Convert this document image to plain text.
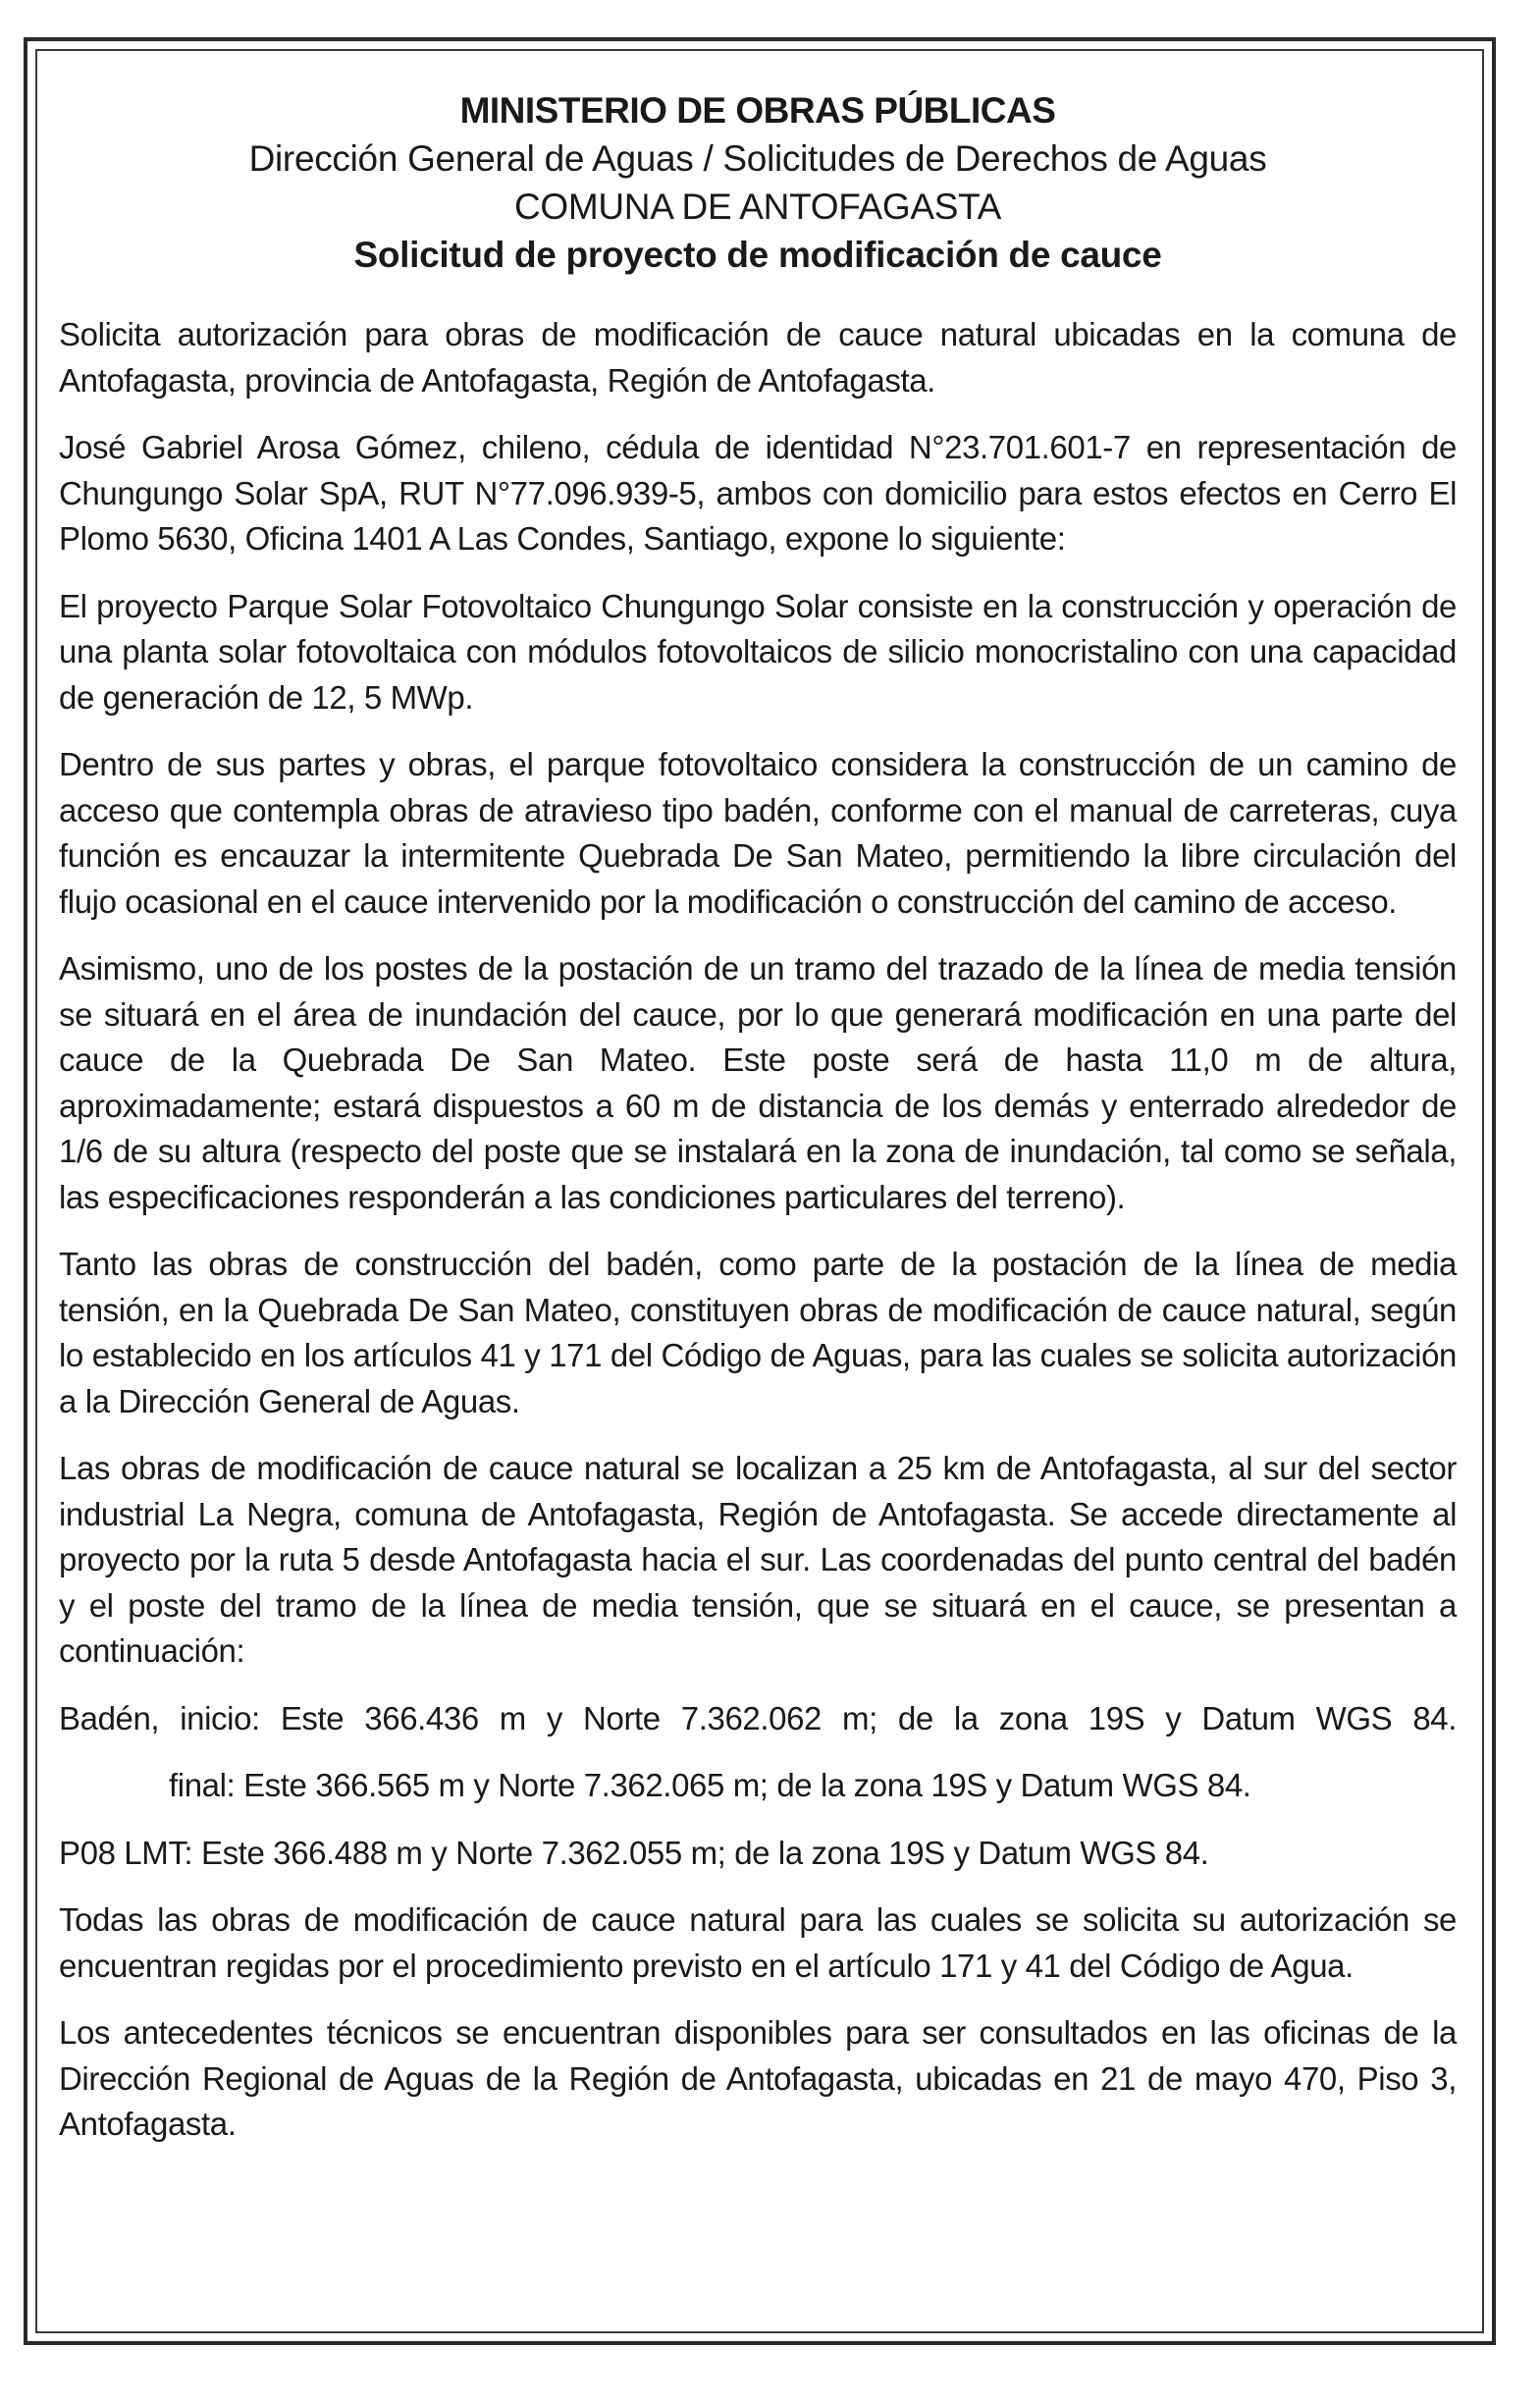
MINISTERIO DE OBRAS PÚBLICAS
Dirección General de Aguas / Solicitudes de Derechos de Aguas
COMUNA DE ANTOFAGASTA
Solicitud de proyecto de modificación de cauce

Solicita autorización para obras de modificación de cauce natural ubicadas en la comuna de Antofagasta, provincia de Antofagasta, Región de Antofagasta.

José Gabriel Arosa Gómez, chileno, cédula de identidad N°23.701.601-7 en representación de Chungungo Solar SpA, RUT N°77.096.939-5, ambos con domicilio para estos efectos en Cerro El Plomo 5630, Oficina 1401 A Las Condes, Santiago, expone lo siguiente:

El proyecto Parque Solar Fotovoltaico Chungungo Solar consiste en la construcción y operación de una planta solar fotovoltaica con módulos fotovoltaicos de silicio monocristalino con una capacidad de generación de 12, 5 MWp.

Dentro de sus partes y obras, el parque fotovoltaico considera la construcción de un camino de acceso que contempla obras de atravieso tipo badén, conforme con el manual de carreteras, cuya función es encauzar la intermitente Quebrada De San Mateo, permitiendo la libre circulación del flujo ocasional en el cauce intervenido por la modificación o construcción del camino de acceso.

Asimismo, uno de los postes de la postación de un tramo del trazado de la línea de media tensión se situará en el área de inundación del cauce, por lo que generará modificación en una parte del cauce de la Quebrada De San Mateo. Este poste será de hasta 11,0 m de altura, aproximadamente; estará dispuestos a 60 m de distancia de los demás y enterrado alrededor de 1/6 de su altura (respecto del poste que se instalará en la zona de inundación, tal como se señala, las especificaciones responderán a las condiciones particulares del terreno).

Tanto las obras de construcción del badén, como parte de la postación de la línea de media tensión, en la Quebrada De San Mateo, constituyen obras de modificación de cauce natural, según lo establecido en los artículos 41 y 171 del Código de Aguas, para las cuales se solicita autorización a la Dirección General de Aguas.

Las obras de modificación de cauce natural se localizan a 25 km de Antofagasta, al sur del sector industrial La Negra, comuna de Antofagasta, Región de Antofagasta. Se accede directamente al proyecto por la ruta 5 desde Antofagasta hacia el sur. Las coordenadas del punto central del badén y el poste del tramo de la línea de media tensión, que se situará en el cauce, se presentan a continuación:

Badén, inicio: Este 366.436 m y Norte 7.362.062 m; de la zona 19S y Datum WGS 84.

final: Este 366.565 m y Norte 7.362.065 m; de la zona 19S y Datum WGS 84.

P08 LMT: Este 366.488 m y Norte 7.362.055 m; de la zona 19S y Datum WGS 84.

Todas las obras de modificación de cauce natural para las cuales se solicita su autorización se encuentran regidas por el procedimiento previsto en el artículo 171 y 41 del Código de Agua.

Los antecedentes técnicos se encuentran disponibles para ser consultados en las oficinas de la Dirección Regional de Aguas de la Región de Antofagasta, ubicadas en 21 de mayo 470, Piso 3, Antofagasta.
